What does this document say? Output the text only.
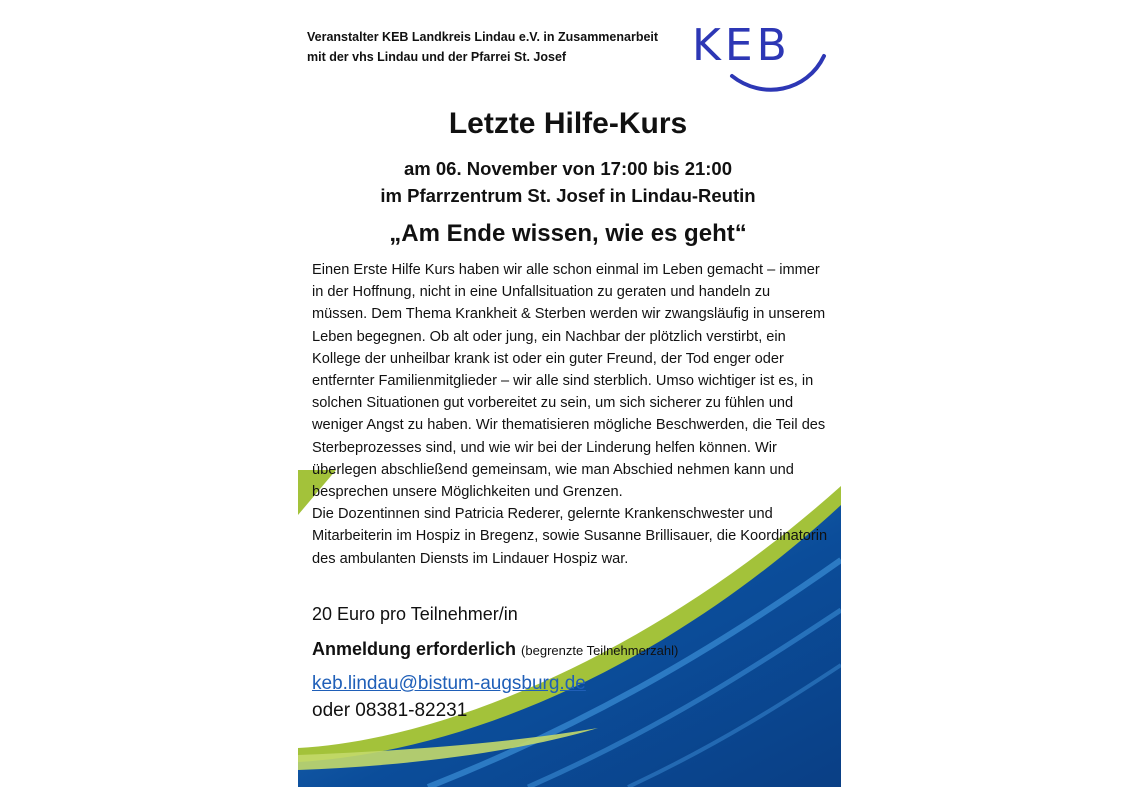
Veranstalter KEB Landkreis Lindau e.V. in Zusammenarbeit
mit der vhs Lindau und der Pfarrei St. Josef	KEB
Letzte Hilfe-Kurs
am 06. November von 17:00 bis 21:00
im Pfarrzentrum St. Josef in Lindau-Reutin
„Am Ende wissen, wie es geht“

Einen Erste Hilfe Kurs haben wir alle schon einmal im Leben gemacht – immer in der Hoffnung, nicht in eine Unfallsituation zu geraten und handeln zu müssen. Dem Thema Krankheit & Sterben werden wir zwangsläufig in unserem Leben begegnen. Ob alt oder jung, ein Nachbar der plötzlich verstirbt, ein Kollege der unheilbar krank ist oder ein guter Freund, der Tod enger oder entfernter Familienmitglieder – wir alle sind sterblich. Umso wichtiger ist es, in solchen Situationen gut vorbereitet zu sein, um sich sicherer zu fühlen und weniger Angst zu haben. Wir thematisieren mögliche Beschwerden, die Teil des Sterbeprozesses sind, und wie wir bei der Linderung helfen können. Wir überlegen abschließend gemeinsam, wie man Abschied nehmen kann und besprechen unsere Möglichkeiten und Grenzen.

Die Dozentinnen sind Patricia Rederer, gelernte Krankenschwester und Mitarbeiterin im Hospiz in Bregenz, sowie Susanne Brillisauer, die Koordinatorin des ambulanten Diensts im Lindauer Hospiz war.

20 Euro pro Teilnehmer/in
Anmeldung erforderlich (begrenzte Teilnehmerzahl)
keb.lindau@bistum-augsburg.de
oder 08381-82231
